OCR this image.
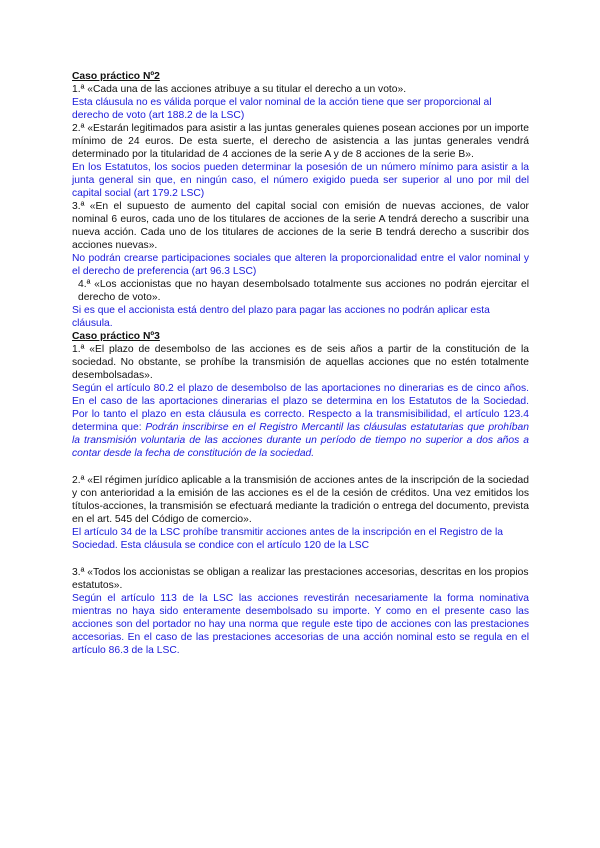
Caso práctico Nº2

1.ª «Cada una de las acciones atribuye a su titular el derecho a un voto».

Esta cláusula no es válida porque el valor nominal de la acción tiene que ser proporcional al derecho de voto (art 188.2 de la LSC)

2.ª «Estarán legitimados para asistir a las juntas generales quienes posean acciones por un importe mínimo de 24 euros. De esta suerte, el derecho de asistencia a las juntas generales vendrá determinado por la titularidad de 4 acciones de la serie A y de 8 acciones de la serie B».

En los Estatutos, los socios pueden determinar la posesión de un número mínimo para asistir a la junta general sin que, en ningún caso, el número exigido pueda ser superior al uno por mil del capital social (art 179.2 LSC)

3.ª «En el supuesto de aumento del capital social con emisión de nuevas acciones, de valor nominal 6 euros, cada uno de los titulares de acciones de la serie A tendrá derecho a suscribir una nueva acción. Cada uno de los titulares de acciones de la serie B tendrá derecho a suscribir dos acciones nuevas».

No podrán crearse participaciones sociales que alteren la proporcionalidad entre el valor nominal y el derecho de preferencia (art 96.3 LSC)

4.ª «Los accionistas que no hayan desembolsado totalmente sus acciones no podrán ejercitar el derecho de voto».

Si es que el accionista está dentro del plazo para pagar las acciones no podrán aplicar esta cláusula.

Caso práctico Nº3

1.ª «El plazo de desembolso de las acciones es de seis años a partir de la constitución de la sociedad. No obstante, se prohíbe la transmisión de aquellas acciones que no estén totalmente desembolsadas».

Según el artículo 80.2 el plazo de desembolso de las aportaciones no dinerarias es de cinco años. En el caso de las aportaciones dinerarias el plazo se determina en los Estatutos de la Sociedad. Por lo tanto el plazo en esta cláusula es correcto. Respecto a la transmisibilidad, el artículo 123.4 determina que: Podrán inscribirse en el Registro Mercantil las cláusulas estatutarias que prohíban la transmisión voluntaria de las acciones durante un período de tiempo no superior a dos años a contar desde la fecha de constitución de la sociedad.

2.ª «El régimen jurídico aplicable a la transmisión de acciones antes de la inscripción de la sociedad y con anterioridad a la emisión de las acciones es el de la cesión de créditos. Una vez emitidos los títulos-acciones, la transmisión se efectuará mediante la tradición o entrega del documento, prevista en el art. 545 del Código de comercio».

El artículo 34 de la LSC prohíbe transmitir acciones antes de la inscripción en el Registro de la Sociedad. Esta cláusula se condice con el artículo 120 de la LSC

3.ª «Todos los accionistas se obligan a realizar las prestaciones accesorias, descritas en los propios estatutos».

Según el artículo 113 de la LSC las acciones revestirán necesariamente la forma nominativa mientras no haya sido enteramente desembolsado su importe. Y como en el presente caso las acciones son del portador no hay una norma que regule este tipo de acciones con las prestaciones accesorias. En el caso de las prestaciones accesorias de una acción nominal esto se regula en el artículo 86.3 de la LSC.
